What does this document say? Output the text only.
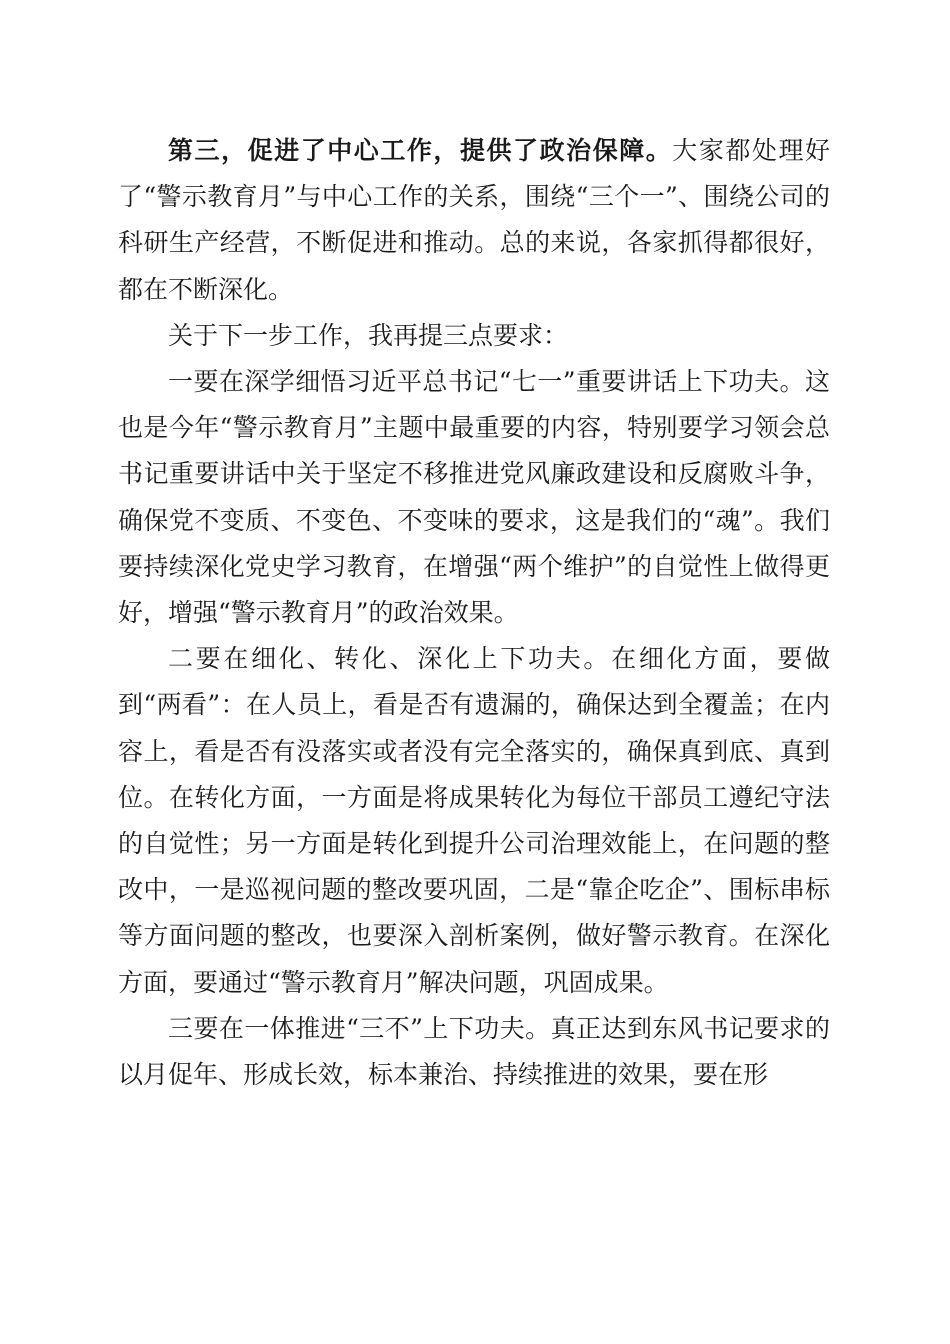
第三，促进了中心工作，提供了政治保障。大家都处理好了“警示教育月”与中心工作的关系，围绕“三个一”、围绕公司的科研生产经营，不断促进和推动。总的来说，各家抓得都很好，都在不断深化。

关于下一步工作，我再提三点要求：

一要在深学细悟习近平总书记“七一”重要讲话上下功夫。这也是今年“警示教育月”主题中最重要的内容，特别要学习领会总书记重要讲话中关于坚定不移推进党风廉政建设和反腐败斗争，确保党不变质、不变色、不变味的要求，这是我们的“魂”。我们要持续深化党史学习教育，在增强“两个维护”的自觉性上做得更好，增强“警示教育月”的政治效果。

二要在细化、转化、深化上下功夫。在细化方面，要做到“两看”：在人员上，看是否有遗漏的，确保达到全覆盖；在内容上，看是否有没落实或者没有完全落实的，确保真到底、真到位。在转化方面，一方面是将成果转化为每位干部员工遵纪守法的自觉性；另一方面是转化到提升公司治理效能上，在问题的整改中，一是巡视问题的整改要巩固，二是“靠企吃企”、围标串标等方面问题的整改，也要深入剖析案例，做好警示教育。在深化方面，要通过“警示教育月”解决问题，巩固成果。

三要在一体推进“三不”上下功夫。真正达到东风书记要求的以月促年、形成长效，标本兼治、持续推进的效果，要在形
